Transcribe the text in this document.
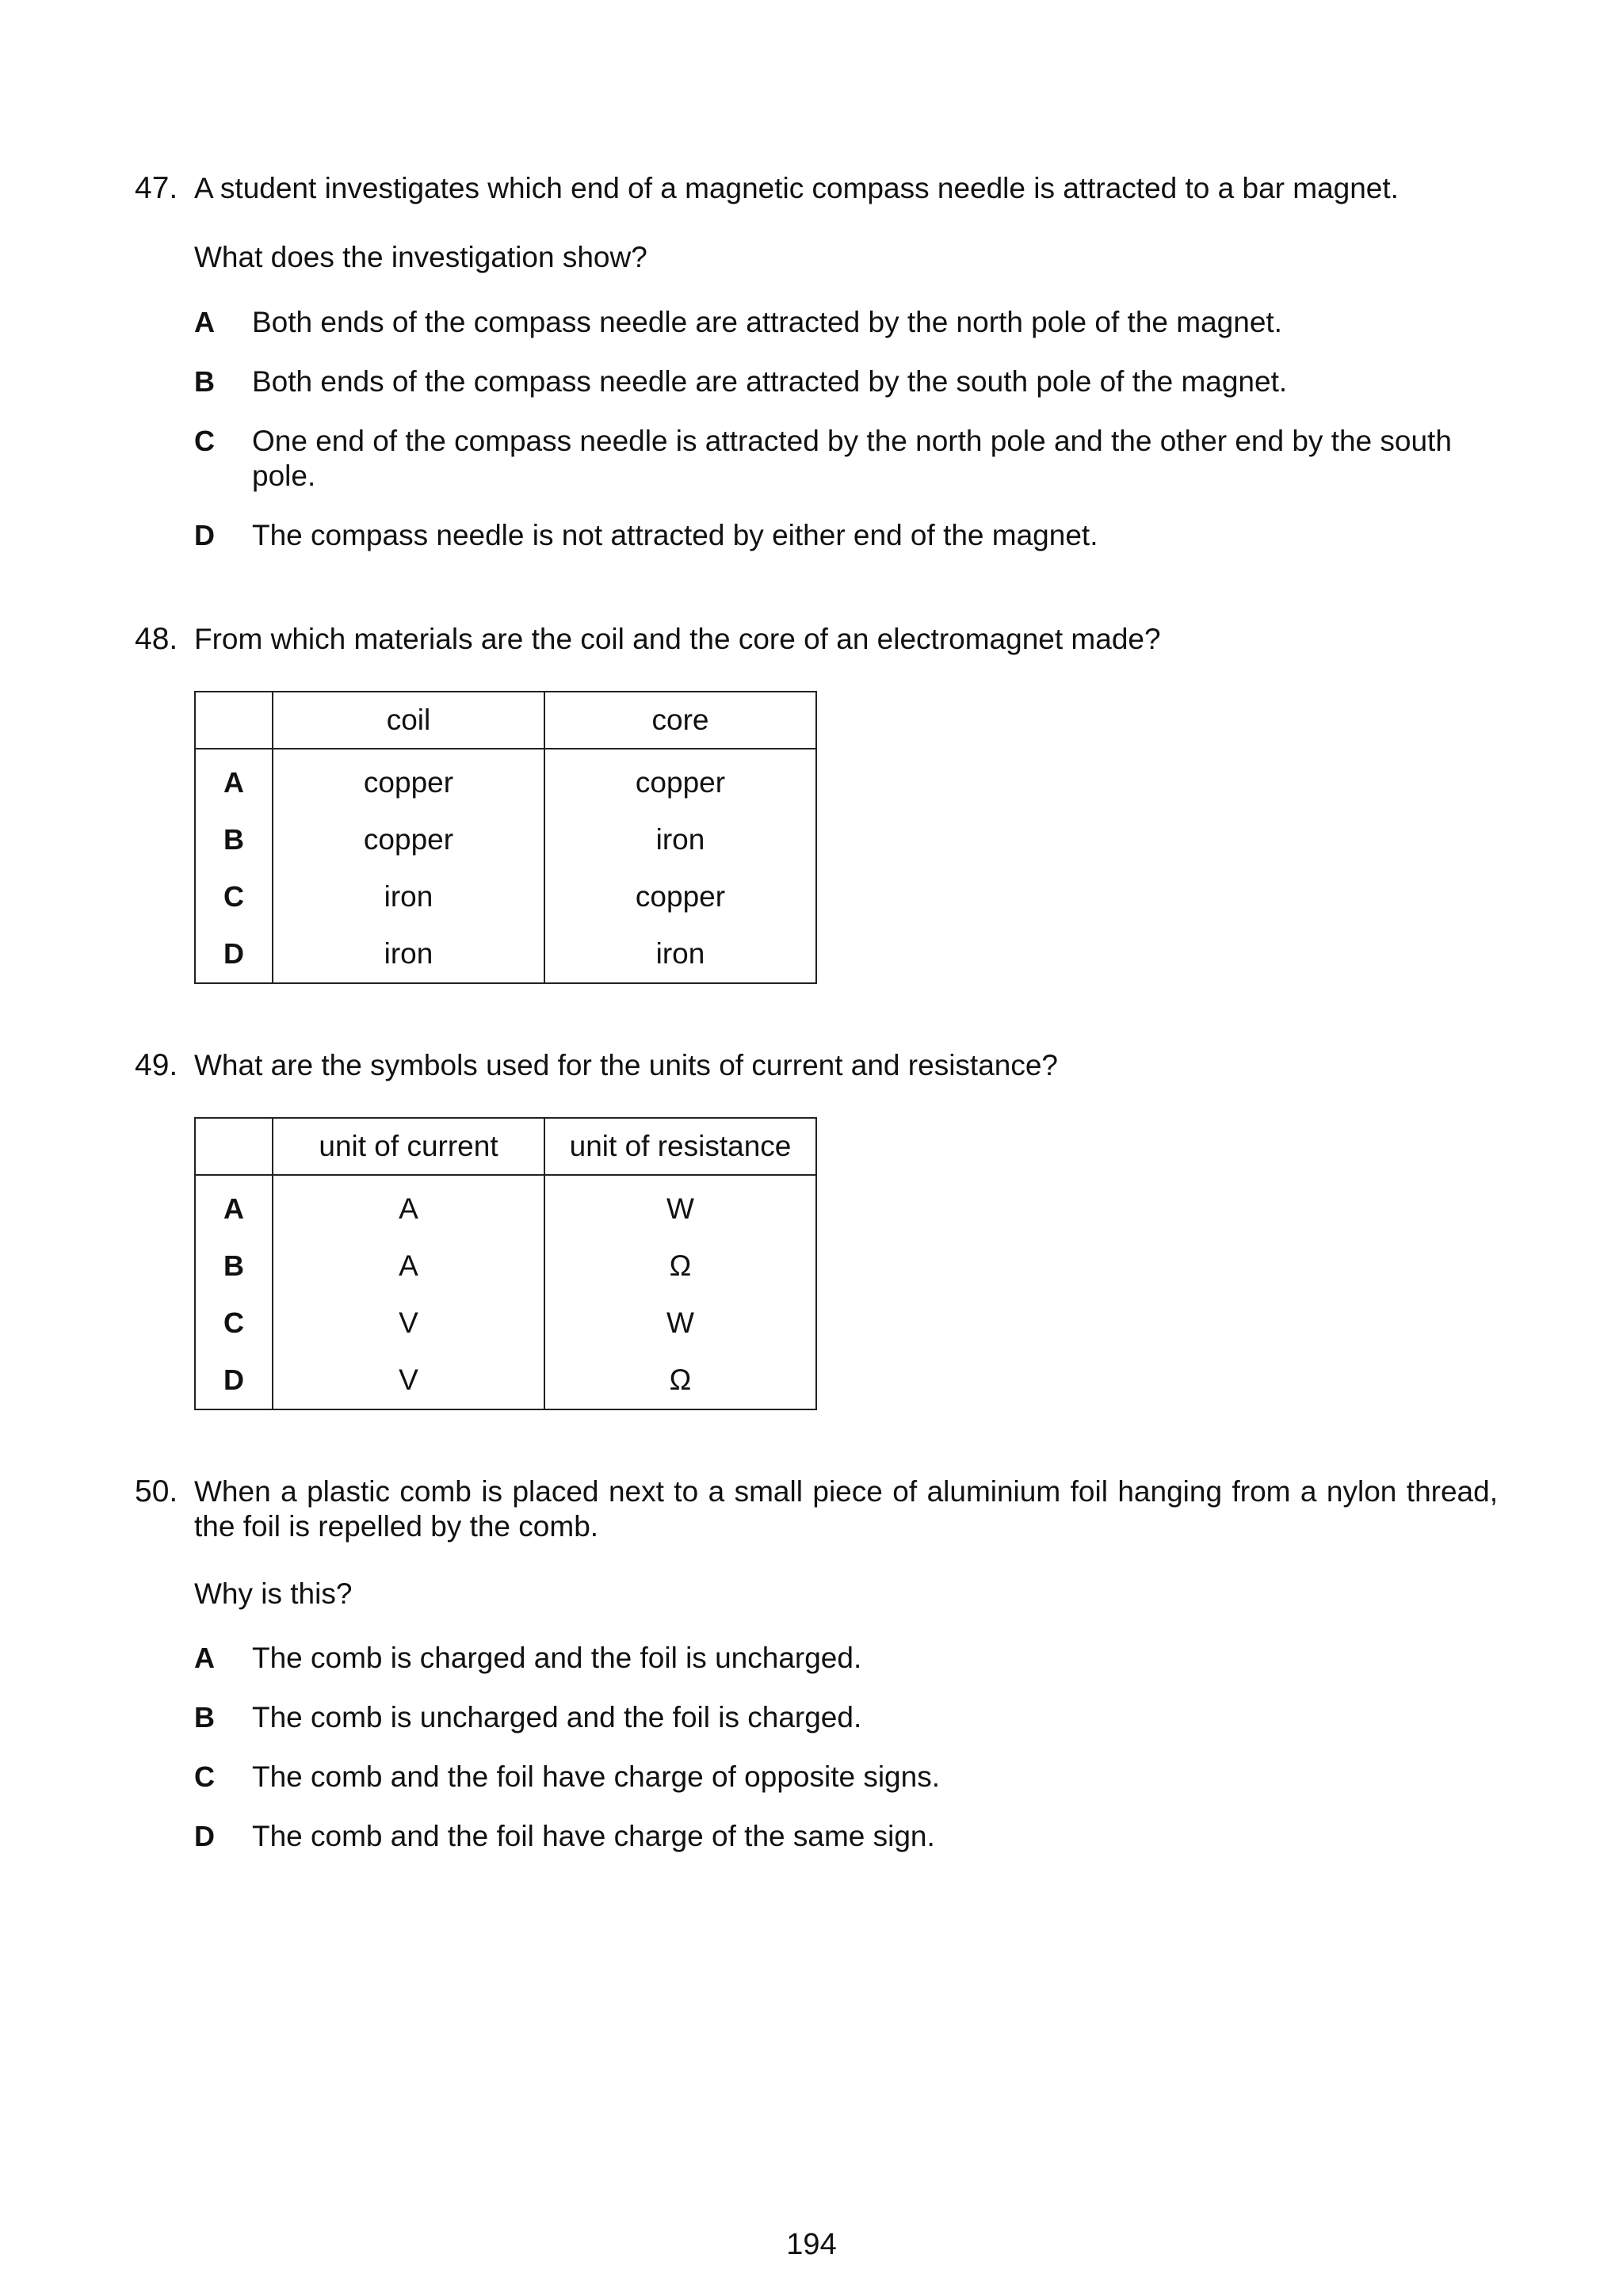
47. A student investigates which end of a magnetic compass needle is attracted to a bar magnet.
What does the investigation show?
A Both ends of the compass needle are attracted by the north pole of the magnet.
B Both ends of the compass needle are attracted by the south pole of the magnet.
C One end of the compass needle is attracted by the north pole and the other end by the south pole.
D The compass needle is not attracted by either end of the magnet.
48. From which materials are the coil and the core of an electromagnet made?
	coil	core
A	copper	copper
B	copper	iron
C	iron	copper
D	iron	iron
49. What are the symbols used for the units of current and resistance?
	unit of current	unit of resistance
A	A	W
B	A	Ω
C	V	W
D	V	Ω
50. When a plastic comb is placed next to a small piece of aluminium foil hanging from a nylon thread, the foil is repelled by the comb.
Why is this?
A The comb is charged and the foil is uncharged.
B The comb is uncharged and the foil is charged.
C The comb and the foil have charge of opposite signs.
D The comb and the foil have charge of the same sign.
194
